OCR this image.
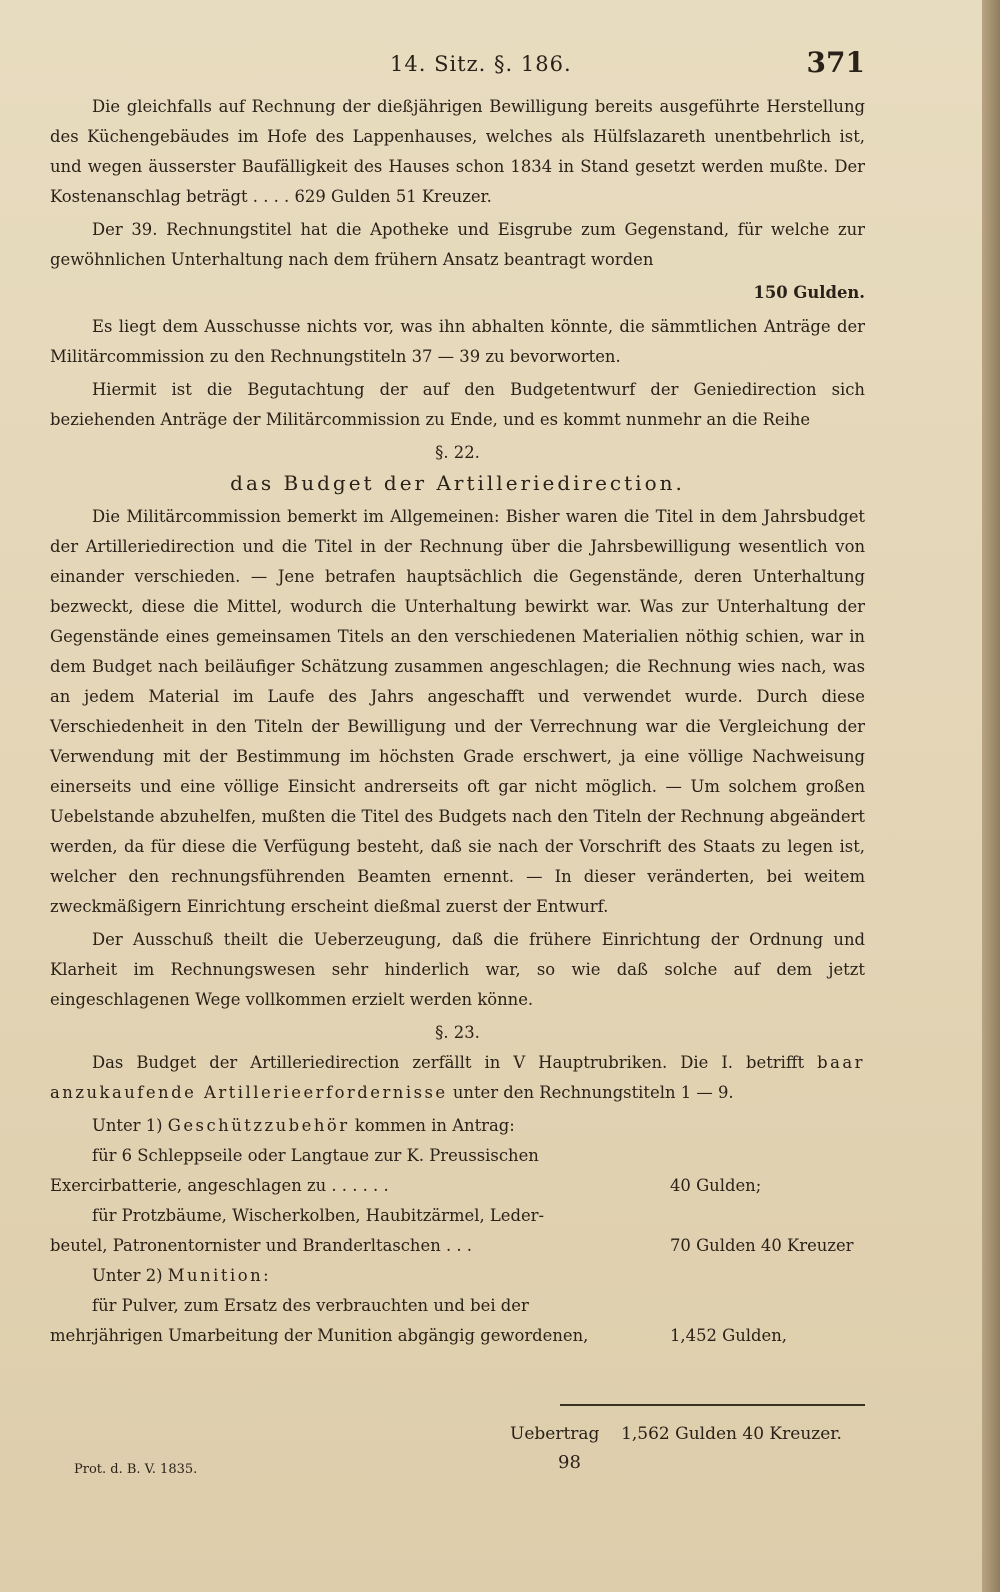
14. Sitz. §. 186.	371

Die gleichfalls auf Rechnung der dießjährigen Bewilligung bereits ausgeführte Herstellung des Küchengebäudes im Hofe des Lappenhauses, welches als Hülfslazareth unentbehrlich ist, und wegen äusserster Baufälligkeit des Hauses schon 1834 in Stand gesetzt werden mußte. Der Kostenanschlag beträgt . . . . 629 Gulden 51 Kreuzer.

Der 39. Rechnungstitel hat die Apotheke und Eisgrube zum Gegenstand, für welche zur gewöhnlichen Unterhaltung nach dem frühern Ansatz beantragt worden

150 Gulden.

Es liegt dem Ausschusse nichts vor, was ihn abhalten könnte, die sämmtlichen Anträge der Militärcommission zu den Rechnungstiteln 37 — 39 zu bevorworten.

Hiermit ist die Begutachtung der auf den Budgetentwurf der Geniedirection sich beziehenden Anträge der Militärcommission zu Ende, und es kommt nunmehr an die Reihe

§. 22.
das Budget der Artilleriedirection.

Die Militärcommission bemerkt im Allgemeinen: Bisher waren die Titel in dem Jahrsbudget der Artilleriedirection und die Titel in der Rechnung über die Jahrsbewilligung wesentlich von einander verschieden. — Jene betrafen hauptsächlich die Gegenstände, deren Unterhaltung bezweckt, diese die Mittel, wodurch die Unterhaltung bewirkt war. Was zur Unterhaltung der Gegenstände eines gemeinsamen Titels an den verschiedenen Materialien nöthig schien, war in dem Budget nach beiläufiger Schätzung zusammen angeschlagen; die Rechnung wies nach, was an jedem Material im Laufe des Jahrs angeschafft und verwendet wurde. Durch diese Verschiedenheit in den Titeln der Bewilligung und der Verrechnung war die Vergleichung der Verwendung mit der Bestimmung im höchsten Grade erschwert, ja eine völlige Nachweisung einerseits und eine völlige Einsicht andrerseits oft gar nicht möglich. — Um solchem großen Uebelstande abzuhelfen, mußten die Titel des Budgets nach den Titeln der Rechnung abgeändert werden, da für diese die Verfügung besteht, daß sie nach der Vorschrift des Staats zu legen ist, welcher den rechnungsführenden Beamten ernennt. — In dieser veränderten, bei weitem zweckmäßigern Einrichtung erscheint dießmal zuerst der Entwurf.

Der Ausschuß theilt die Ueberzeugung, daß die frühere Einrichtung der Ordnung und Klarheit im Rechnungswesen sehr hinderlich war, so wie daß solche auf dem jetzt eingeschlagenen Wege vollkommen erzielt werden könne.

§. 23.

Das Budget der Artilleriedirection zerfällt in V Hauptrubriken. Die I. betrifft baar anzukaufende Artillerieerfordernisse unter den Rechnungstiteln 1 — 9.

Unter 1) Geschützzubehör kommen in Antrag:
für 6 Schleppseile oder Langtaue zur K. Preussischen
Exercirbatterie, angeschlagen zu . . . . . .	40 Gulden;
für Protzbäume, Wischerkolben, Haubitzärmel, Leder-
beutel, Patronentornister und Branderltaschen . . .	70 Gulden 40 Kreuzer
Unter 2) Munition:
für Pulver, zum Ersatz des verbrauchten und bei der
mehrjährigen Umarbeitung der Munition abgängig gewordenen,	1,452 Gulden,
Uebertrag 1,562 Gulden 40 Kreuzer.
Prot. d. B. V. 1835.	98
